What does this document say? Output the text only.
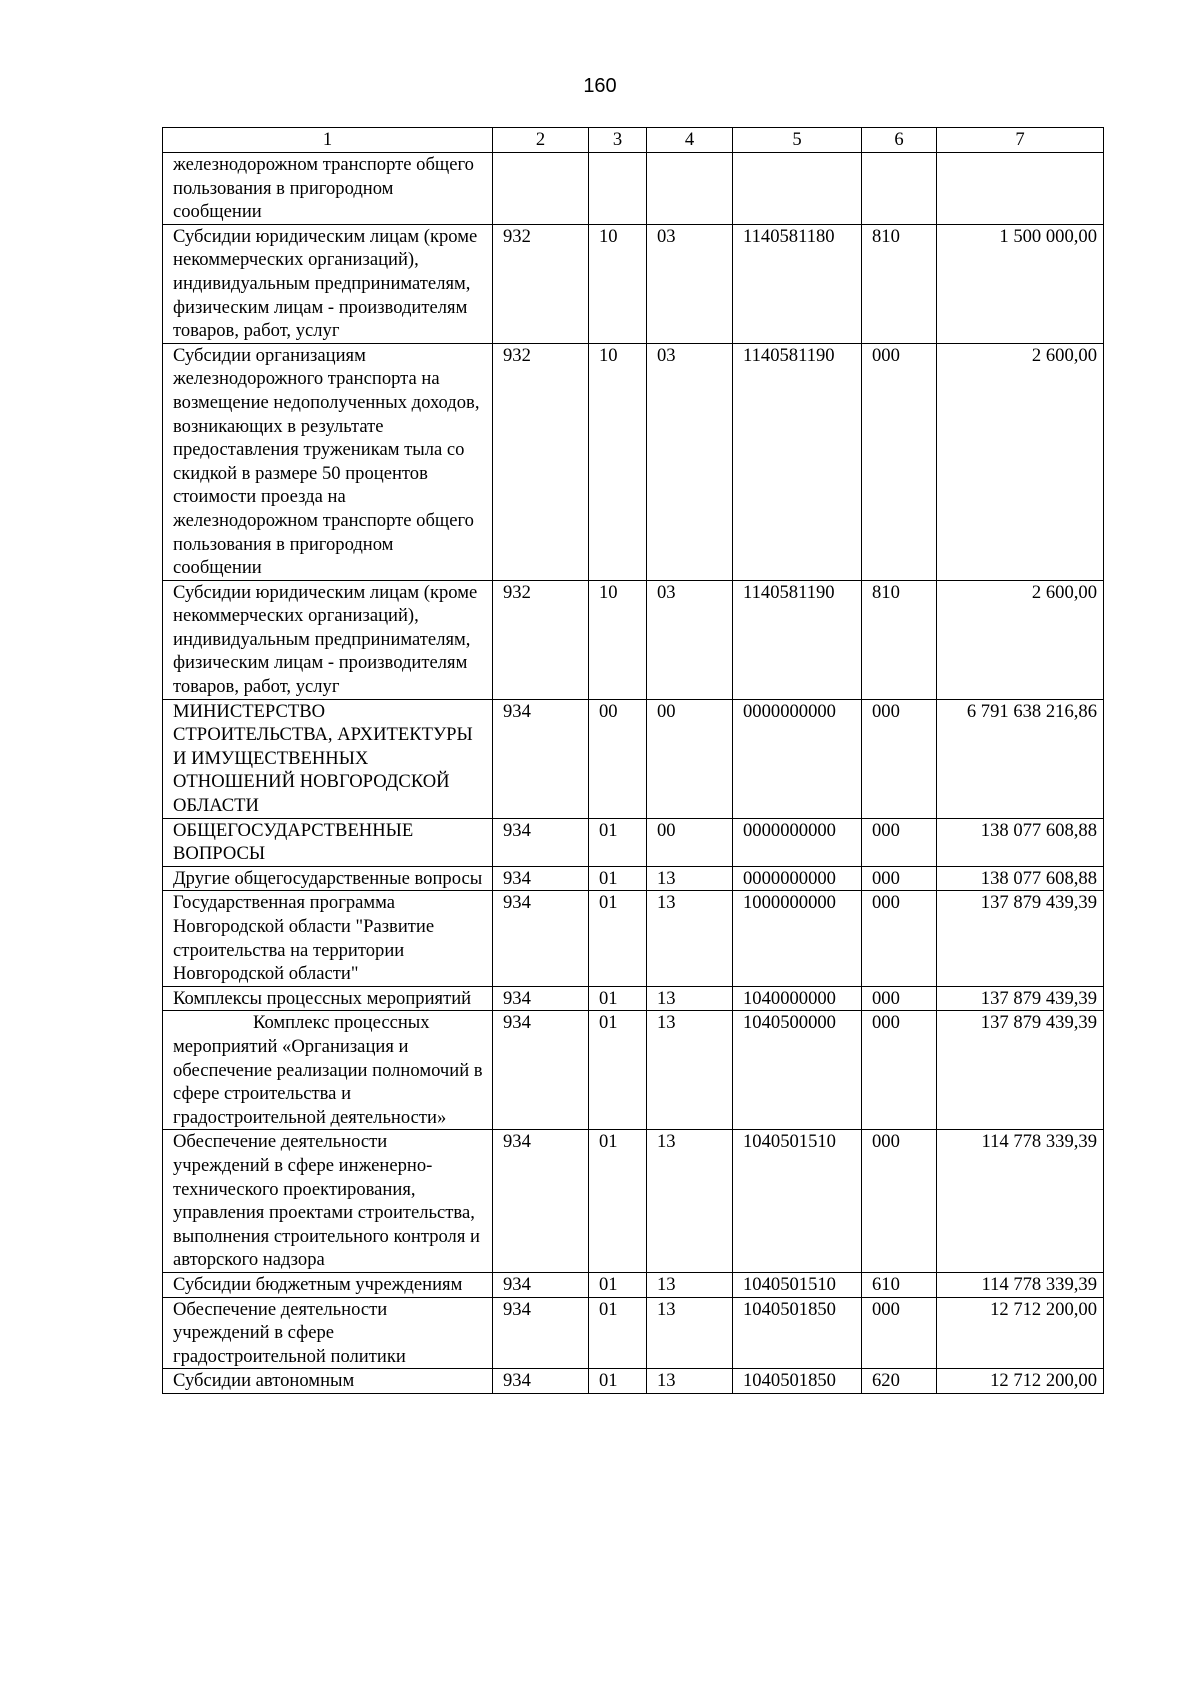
160
1	2	3	4	5	6	7
железнодорожном транспорте общего пользования в пригородном сообщении						
Субсидии юридическим лицам (кроме некоммерческих организаций), индивидуальным предпринимателям, физическим лицам - производителям товаров, работ, услуг	932	10	03	1140581180	810	1 500 000,00
Субсидии организациям железнодорожного транспорта на возмещение недополученных доходов, возникающих в результате предоставления труженикам тыла со скидкой в размере 50 процентов стоимости проезда на железнодорожном транспорте общего пользования в пригородном сообщении	932	10	03	1140581190	000	2 600,00
Субсидии юридическим лицам (кроме некоммерческих организаций), индивидуальным предпринимателям, физическим лицам - производителям товаров, работ, услуг	932	10	03	1140581190	810	2 600,00
МИНИСТЕРСТВО СТРОИТЕЛЬСТВА, АРХИТЕКТУРЫ И ИМУЩЕСТВЕННЫХ ОТНОШЕНИЙ НОВГОРОДСКОЙ ОБЛАСТИ	934	00	00	0000000000	000	6 791 638 216,86
ОБЩЕГОСУДАРСТВЕННЫЕ ВОПРОСЫ	934	01	00	0000000000	000	138 077 608,88
Другие общегосударственные вопросы	934	01	13	0000000000	000	138 077 608,88
Государственная программа Новгородской области "Развитие строительства на территории Новгородской области"	934	01	13	1000000000	000	137 879 439,39
Комплексы процессных мероприятий	934	01	13	1040000000	000	137 879 439,39
Комплекс процессных мероприятий «Организация и обеспечение реализации полномочий в сфере строительства и градостроительной деятельности»	934	01	13	1040500000	000	137 879 439,39
Обеспечение деятельности учреждений в сфере инженерно-технического проектирования, управления проектами строительства, выполнения строительного контроля и авторского надзора	934	01	13	1040501510	000	114 778 339,39
Субсидии бюджетным учреждениям	934	01	13	1040501510	610	114 778 339,39
Обеспечение деятельности учреждений в сфере градостроительной политики	934	01	13	1040501850	000	12 712 200,00
Субсидии автономным	934	01	13	1040501850	620	12 712 200,00
